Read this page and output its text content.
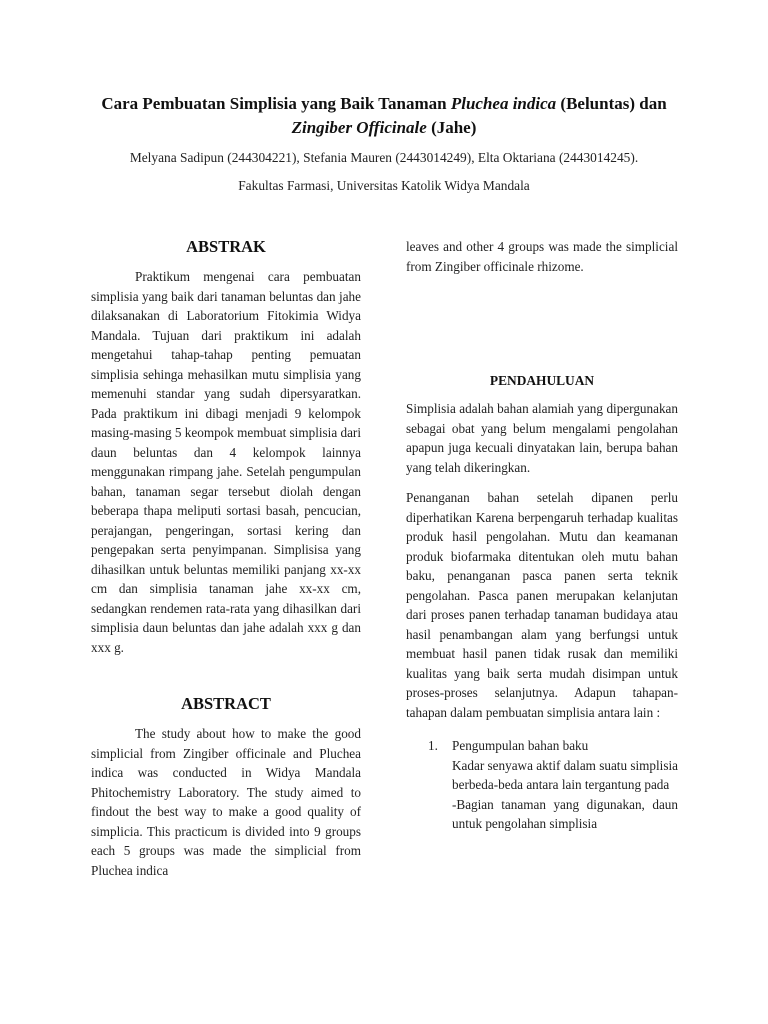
Cara Pembuatan Simplisia yang Baik Tanaman Pluchea indica (Beluntas) dan
Zingiber Officinale (Jahe)
Melyana Sadipun (244304221), Stefania Mauren (2443014249), Elta Oktariana (2443014245).
Fakultas Farmasi, Universitas Katolik Widya Mandala
ABSTRAK

Praktikum mengenai cara pembuatan simplisia yang baik dari tanaman beluntas dan jahe dilaksanakan di Laboratorium Fitokimia Widya Mandala. Tujuan dari praktikum ini adalah mengetahui tahap-tahap penting pemuatan simplisia sehinga mehasilkan mutu simplisia yang memenuhi standar yang sudah dipersyaratkan. Pada praktikum ini dibagi menjadi 9 kelompok masing-masing 5 keompok membuat simplisia dari daun beluntas dan 4 kelompok lainnya menggunakan rimpang jahe. Setelah pengumpulan bahan, tanaman segar tersebut diolah dengan beberapa thapa meliputi sortasi basah, pencucian, perajangan, pengeringan, sortasi kering dan pengepakan serta penyimpanan. Simplisisa yang dihasilkan untuk beluntas memiliki panjang xx-xx cm dan simplisia tanaman jahe xx-xx cm, sedangkan rendemen rata-rata yang dihasilkan dari simplisia daun beluntas dan jahe adalah xxx g dan xxx g.

ABSTRACT

The study about how to make the good simplicial from Zingiber officinale and Pluchea indica was conducted in Widya Mandala Phitochemistry Laboratory. The study aimed to findout the best way to make a good quality of simplicia. This practicum is divided into 9 groups each 5 groups was made the simplicial from Pluchea indica

leaves and other 4 groups was made the simplicial from Zingiber officinale rhizome.

PENDAHULUAN

Simplisia adalah bahan alamiah yang dipergunakan sebagai obat yang belum mengalami pengolahan apapun juga kecuali dinyatakan lain, berupa bahan yang telah dikeringkan.

Penanganan bahan setelah dipanen perlu diperhatikan Karena berpengaruh terhadap kualitas produk hasil pengolahan. Mutu dan keamanan produk biofarmaka ditentukan oleh mutu bahan baku, penanganan pasca panen serta teknik pengolahan. Pasca panen merupakan kelanjutan dari proses panen terhadap tanaman budidaya atau hasil penambangan alam yang berfungsi untuk membuat hasil panen tidak rusak dan memiliki kualitas yang baik serta mudah disimpan untuk proses-proses selanjutnya. Adapun tahapan-tahapan dalam pembuatan simplisia antara lain :

1. Pengumpulan bahan baku
Kadar senyawa aktif dalam suatu simplisia berbeda-beda antara lain tergantung pada
-Bagian tanaman yang digunakan, daun untuk pengolahan simplisia
